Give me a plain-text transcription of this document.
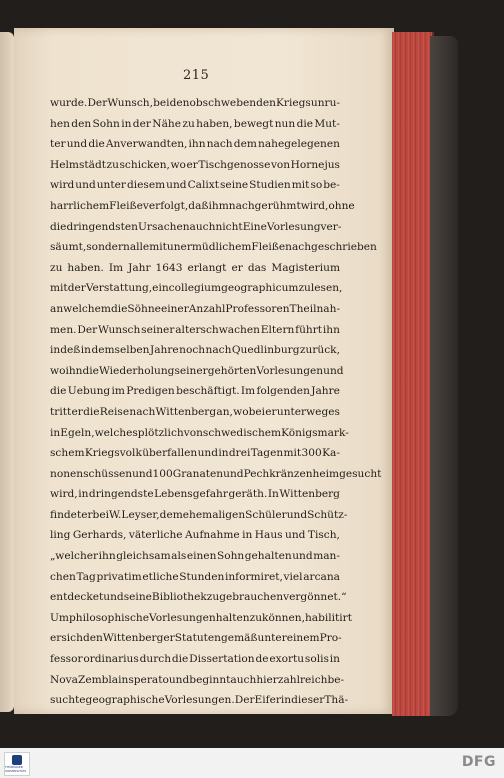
215
wurde. Der Wunsch, bei den obschwebenden Kriegsunru-
hen den Sohn in der Nähe zu haben, bewegt nun die Mut-
ter und die Anverwandten, ihn nach dem nahegelegenen
Helmstädt zu schicken, wo er Tischgenosse von Hornejus
wird und unter diesem und Calixt seine Studien mit so be-
harrlichem Fleiße verfolgt, daß ihm nachgerühmt wird, ohne
die dringendsten Ursachen auch nicht Eine Vorlesung ver-
säumt, sondern alle mit unermüdlichem Fleiße nachgeschrieben
zu haben. Im Jahr 1643 erlangt er das Magisterium
mit der Verstattung, ein collegium geographicum zu lesen,
an welchem die Söhne einer Anzahl Professoren Theil nah-
men. Der Wunsch seiner alterschwachen Eltern führt ihn
indeß in demselben Jahre noch nach Quedlinburg zurück,
wo ihn die Wiederholung seiner gehörten Vorlesungen und
die Uebung im Predigen beschäftigt. Im folgenden Jahre
tritt er die Reise nach Wittenberg an, wobei er unterweges
in Egeln, welches plötzlich von schwedischem Königsmark-
schem Kriegsvolk überfallen und in drei Tagen mit 300 Ka-
nonenschüssen und 100 Granaten und Pechkränzen heimgesucht
wird, in dringendste Lebensgefahr geräth. In Wittenberg
findet er bei W. Leyser, dem ehemaligen Schüler und Schütz-
ling Gerhards, väterliche Aufnahme in Haus und Tisch,
„welcher ihn gleichsam als einen Sohn gehalten und man-
chen Tag privatim etliche Stunden informiret, viel arcana
entdecket und seine Bibliothek zu gebrauchen vergönnet.“
Um philosophische Vorlesungen halten zu können, habilitirt
er sich den Wittenberger Statuten gemäß unter einem Pro-
fessor ordinarius durch die Dissertation de exortu solis in
Nova Zembla insperato und beginnt auch hier zahlreich be-
suchte geographische Vorlesungen. Der Eifer in dieser Thä-
THÜRINGER UNIVERSITÄTS
DFG
